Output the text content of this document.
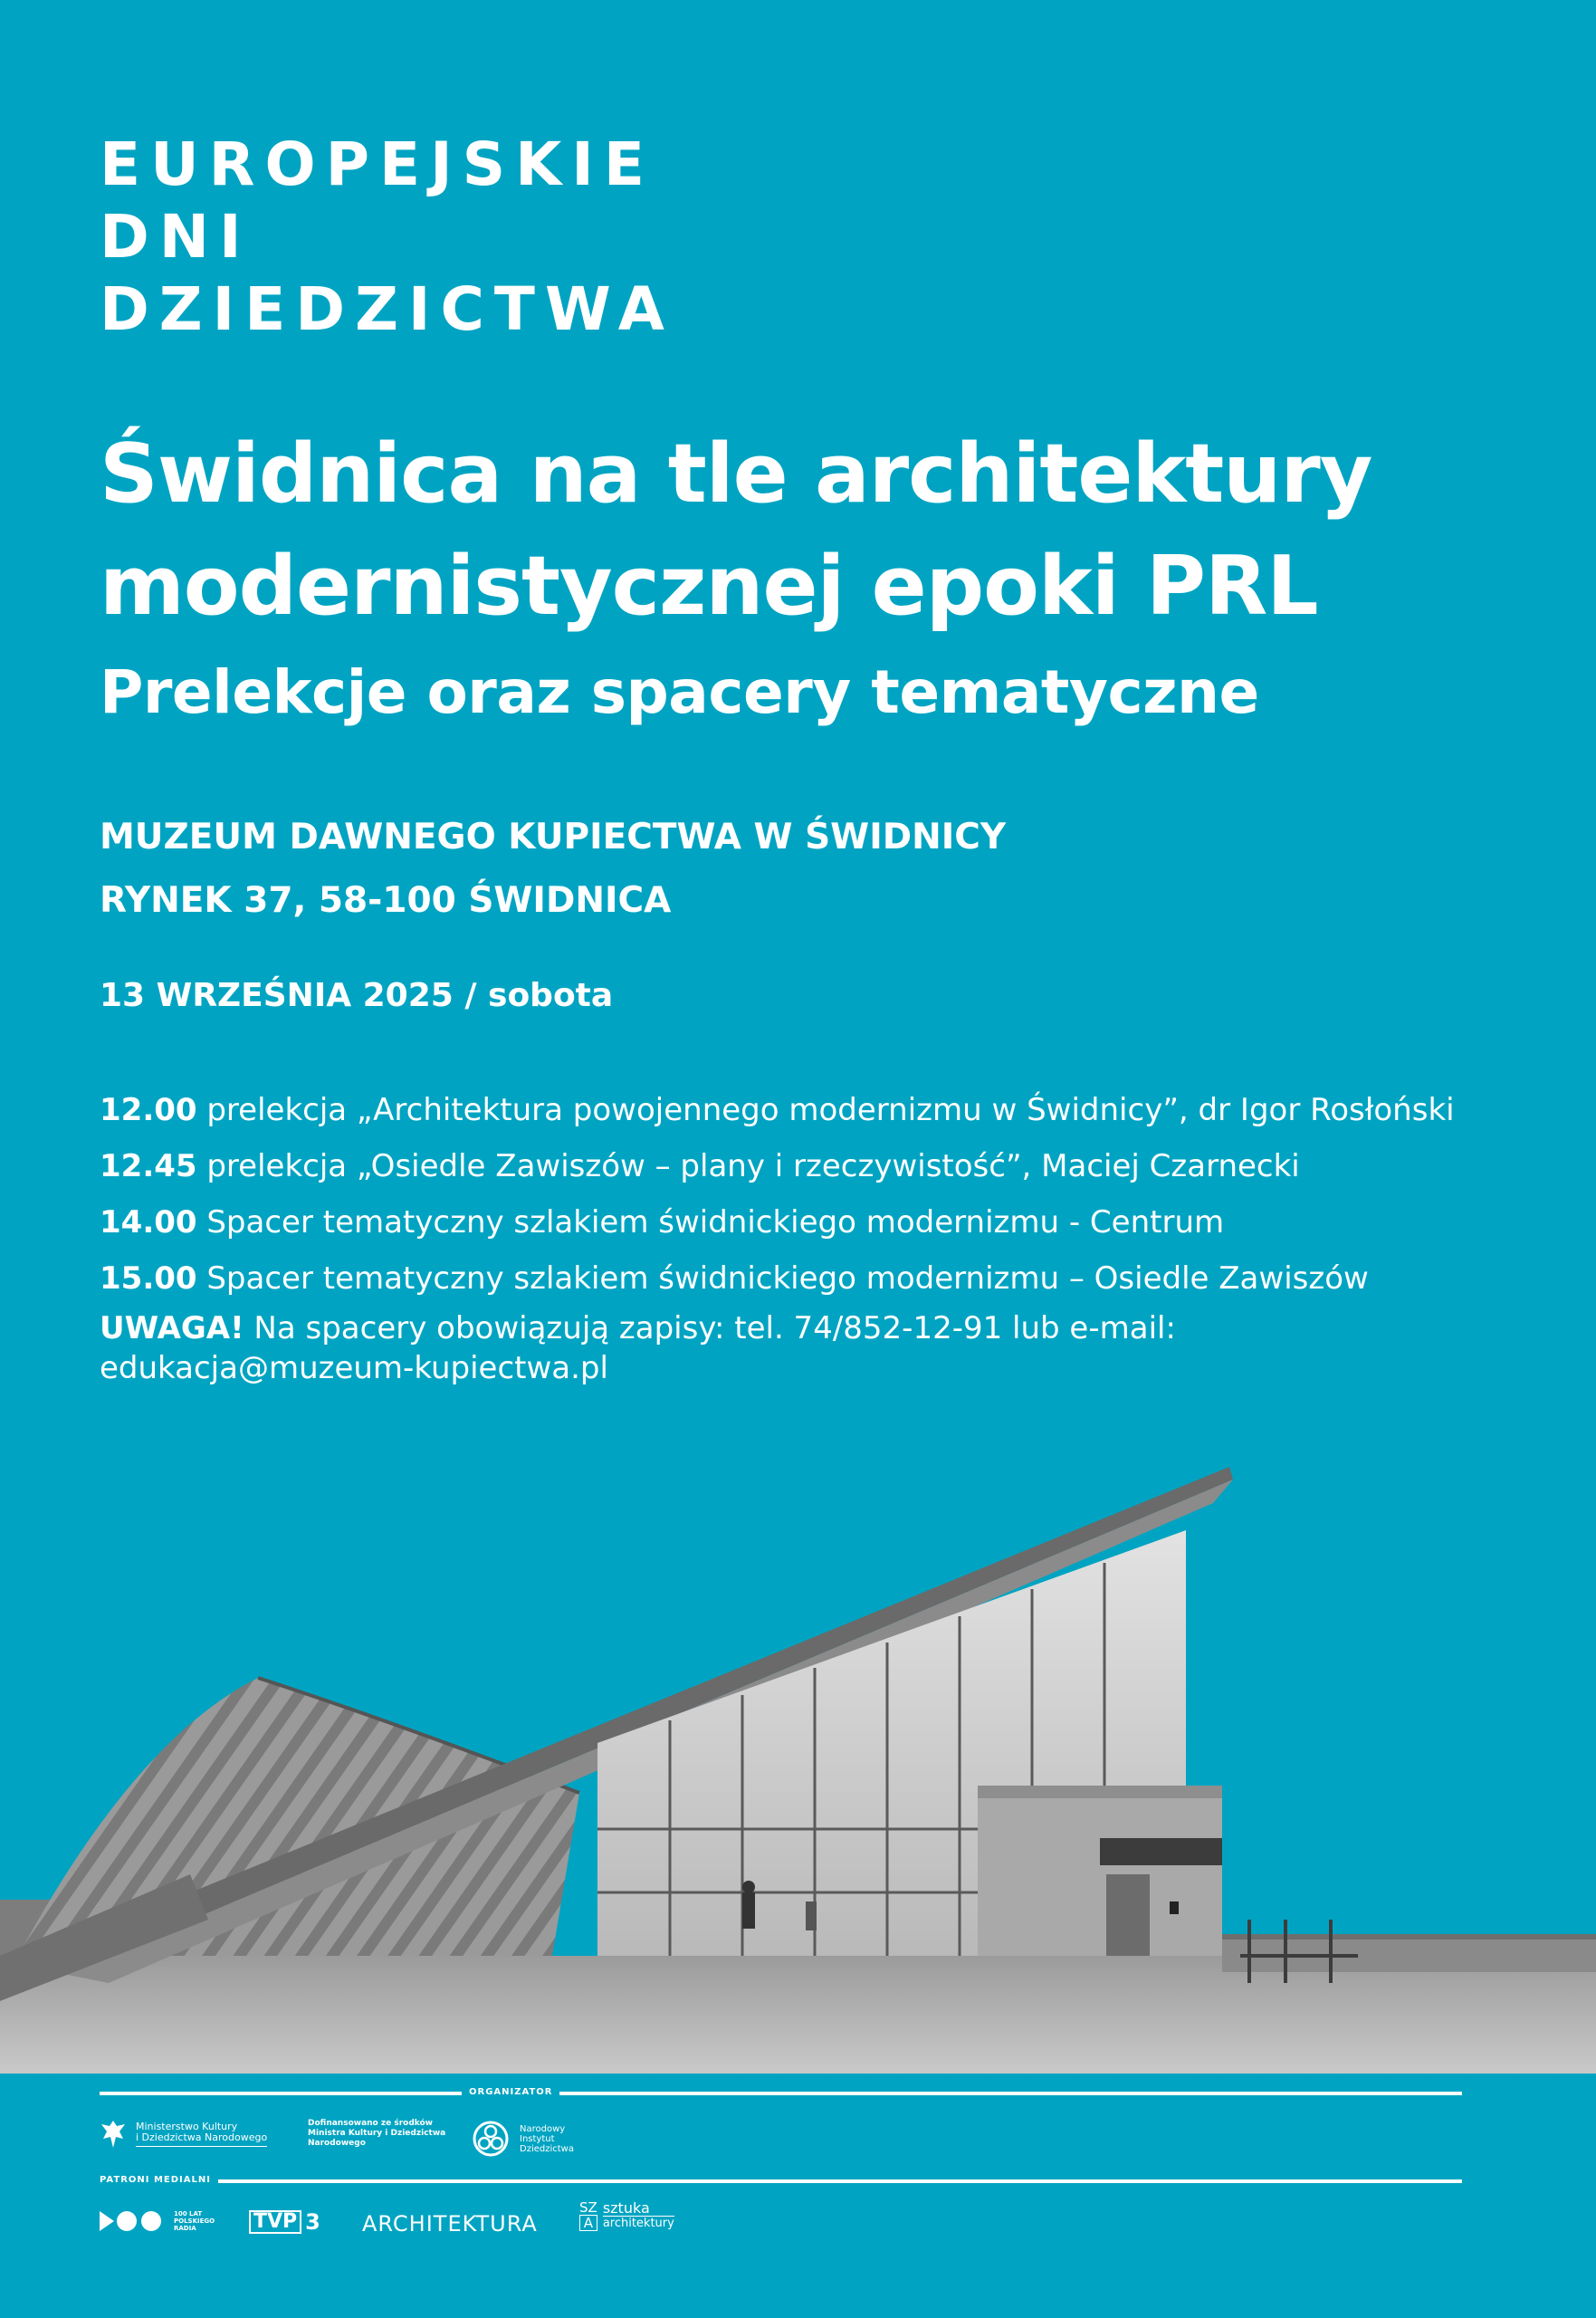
EUROPEJSKIE
DNI
DZIEDZICTWA
Świdnica na tle architektury
modernistycznej epoki PRL
Prelekcje oraz spacery tematyczne
MUZEUM DAWNEGO KUPIECTWA W ŚWIDNICY
RYNEK 37, 58-100 ŚWIDNICA
13 WRZEŚNIA 2025 / sobota
12.00 prelekcja „Architektura powojennego modernizmu w Świdnicy”, dr Igor Rosłoński
12.45 prelekcja „Osiedle Zawiszów – plany i rzeczywistość”, Maciej Czarnecki
14.00 Spacer tematyczny szlakiem świdnickiego modernizmu - Centrum
15.00 Spacer tematyczny szlakiem świdnickiego modernizmu – Osiedle Zawiszów
UWAGA! Na spacery obowiązują zapisy: tel. 74/852-12-91 lub e-mail:
edukacja@muzeum-kupiectwa.pl
ORGANIZATOR
Ministerstwo Kultury
i Dziedzictwa Narodowego
Dofinansowano ze środków
Ministra Kultury i Dziedzictwa
Narodowego
Narodowy
Instytut
Dziedzictwa
PATRONI MEDIALNI
100 LAT
POLSKIEGO
RADIA	TVP 3 ARCHITEKTURA
SZ
A
sztuka
architektury
